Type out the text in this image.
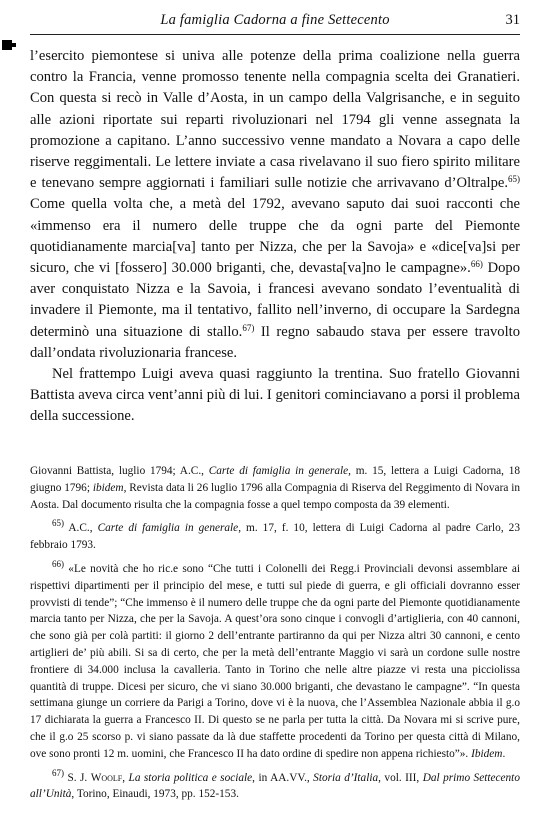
La famiglia Cadorna a fine Settecento	31

l’esercito piemontese si univa alle potenze della prima coalizione nella guerra contro la Francia, venne promosso tenente nella compagnia scelta dei Granatieri. Con questa si recò in Valle d’Aosta, in un campo della Valgrisanche, e in seguito alle azioni riportate sui reparti rivoluzionari nel 1794 gli venne assegnata la promozione a capitano. L’anno successivo venne mandato a Novara a capo delle riserve reggimentali. Le lettere inviate a casa rivelavano il suo fiero spirito militare e tenevano sempre aggiornati i familiari sulle notizie che arrivavano d’Oltralpe.$^{65)}$ Come quella volta che, a metà del 1792, avevano saputo dai suoi racconti che «immenso era il numero delle truppe che da ogni parte del Piemonte quotidianamente marcia[va] tanto per Nizza, che per la Savoja» e «dice[va]si per sicuro, che vi [fossero] 30.000 briganti, che, devasta[va]no le campagne».$^{66)}$ Dopo aver conquistato Nizza e la Savoia, i francesi avevano sondato l’eventualità di invadere il Piemonte, ma il tentativo, fallito nell’inverno, di occupare la Sardegna determinò una situazione di stallo.$^{67)}$ Il regno sabaudo stava per essere travolto dall’ondata rivoluzionaria francese.

Nel frattempo Luigi aveva quasi raggiunto la trentina. Suo fratello Giovanni Battista aveva circa vent’anni più di lui. I genitori cominciavano a porsi il problema della successione.

Giovanni Battista, luglio 1794; A.C., Carte di famiglia in generale, m. 15, lettera a Luigi Cadorna, 18 giugno 1796; ibidem, Revista data li 26 luglio 1796 alla Compagnia di Riserva del Reggimento di Novara in Aosta. Dal documento risulta che la compagnia fosse a quel tempo composta da 39 elementi.

$^{65)}$ A.C., Carte di famiglia in generale, m. 17, f. 10, lettera di Luigi Cadorna al padre Carlo, 23 febbraio 1793.

$^{66)}$ «Le novità che ho ric.e sono “Che tutti i Colonelli dei Regg.i Provinciali devonsi assemblare ai rispettivi dipartimenti per il principio del mese, e tutti sul piede di guerra, e gli officiali dovranno esser provvisti di tende”; “Che immenso è il numero delle truppe che da ogni parte del Piemonte quotidianamente marcia tanto per Nizza, che per la Savoja. A quest’ora sono cinque i convogli d’artiglieria, con 40 cannoni, che sono già per colà partiti: il giorno 2 dell’entrante partiranno da qui per Nizza altri 30 cannoni, e cento artiglieri de’ più abili. Si sa di certo, che per la metà dell’entrante Maggio vi sarà un cordone sulle nostre frontiere di 34.000 inclusa la cavalleria. Tanto in Torino che nelle altre piazze vi resta una picciolissa quantità di truppe. Dicesi per sicuro, che vi siano 30.000 briganti, che devastano le campagne”. “In questa settimana giunge un corriere da Parigi a Torino, dove vi è la nuova, che l’Assemblea Nazionale abbia il g.o 17 dichiarata la guerra a Francesco II. Di questo se ne parla per tutta la città. Da Novara mi si scrive pure, che il g.o 25 scorso p. vi siano passate da là due staffette procedenti da Torino per questa città di Milano, ove sono pronti 12 m. uomini, che Francesco II ha dato ordine di spedire non appena richiesto”». Ibidem.

$^{67)}$ S. J. Woolf, La storia politica e sociale, in AA.VV., Storia d’Italia, vol. III, Dal primo Settecento all’Unità, Torino, Einaudi, 1973, pp. 152-153.
